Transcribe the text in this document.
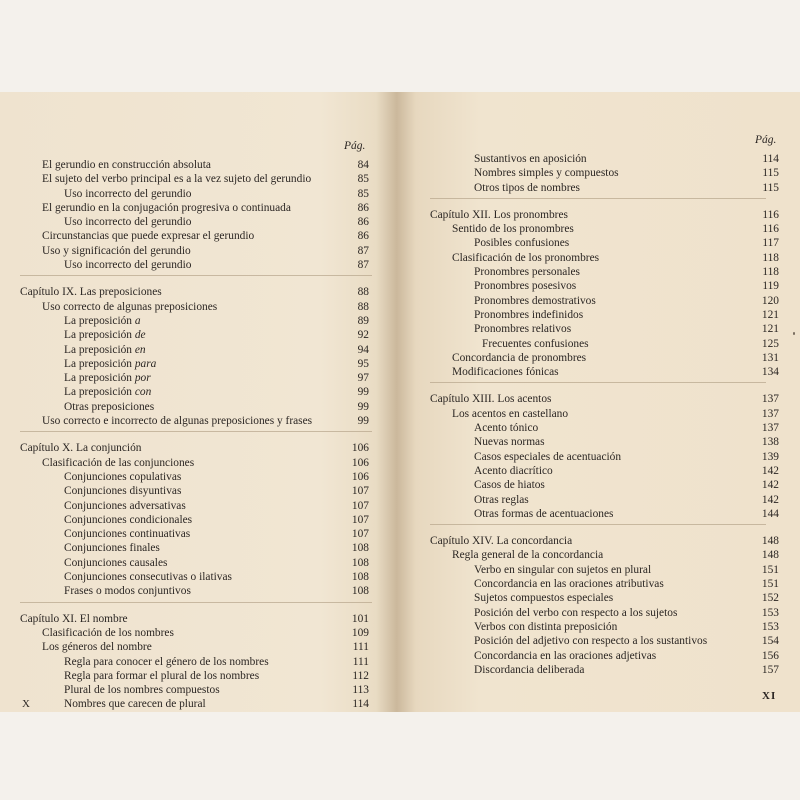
Pág.
El gerundio en construcción absoluta	84
El sujeto del verbo principal es a la vez sujeto del gerundio	85
Uso incorrecto del gerundio	85
El gerundio en la conjugación progresiva o continuada	86
Uso incorrecto del gerundio	86
Circunstancias que puede expresar el gerundio	86
Uso y significación del gerundio	87
Uso incorrecto del gerundio	87
Capítulo IX. Las preposiciones	88
Uso correcto de algunas preposiciones	88
La preposición a	89
La preposición de	92
La preposición en	94
La preposición para	95
La preposición por	97
La preposición con	99
Otras preposiciones	99
Uso correcto e incorrecto de algunas preposiciones y frases	99
Capítulo X. La conjunción	106
Clasificación de las conjunciones	106
Conjunciones copulativas	106
Conjunciones disyuntivas	107
Conjunciones adversativas	107
Conjunciones condicionales	107
Conjunciones continuativas	107
Conjunciones finales	108
Conjunciones causales	108
Conjunciones consecutivas o ilativas	108
Frases o modos conjuntivos	108
Capítulo XI. El nombre	101
Clasificación de los nombres	109
Los géneros del nombre	111
Regla para conocer el género de los nombres	111
Regla para formar el plural de los nombres	112
Plural de los nombres compuestos	113
Nombres que carecen de plural	114
X
Pág.
Sustantivos en aposición	114
Nombres simples y compuestos	115
Otros tipos de nombres	115
Capítulo XII. Los pronombres	116
Sentido de los pronombres	116
Posibles confusiones	117
Clasificación de los pronombres	118
Pronombres personales	118
Pronombres posesivos	119
Pronombres demostrativos	120
Pronombres indefinidos	121
Pronombres relativos	121
Frecuentes confusiones	125
Concordancia de pronombres	131
Modificaciones fónicas	134
Capítulo XIII. Los acentos	137
Los acentos en castellano	137
Acento tónico	137
Nuevas normas	138
Casos especiales de acentuación	139
Acento diacrítico	142
Casos de hiatos	142
Otras reglas	142
Otras formas de acentuaciones	144
Capítulo XIV. La concordancia	148
Regla general de la concordancia	148
Verbo en singular con sujetos en plural	151
Concordancia en las oraciones atributivas	151
Sujetos compuestos especiales	152
Posición del verbo con respecto a los sujetos	153
Verbos con distinta preposición	153
Posición del adjetivo con respecto a los sustantivos	154
Concordancia en las oraciones adjetivas	156
Discordancia deliberada	157
XI
